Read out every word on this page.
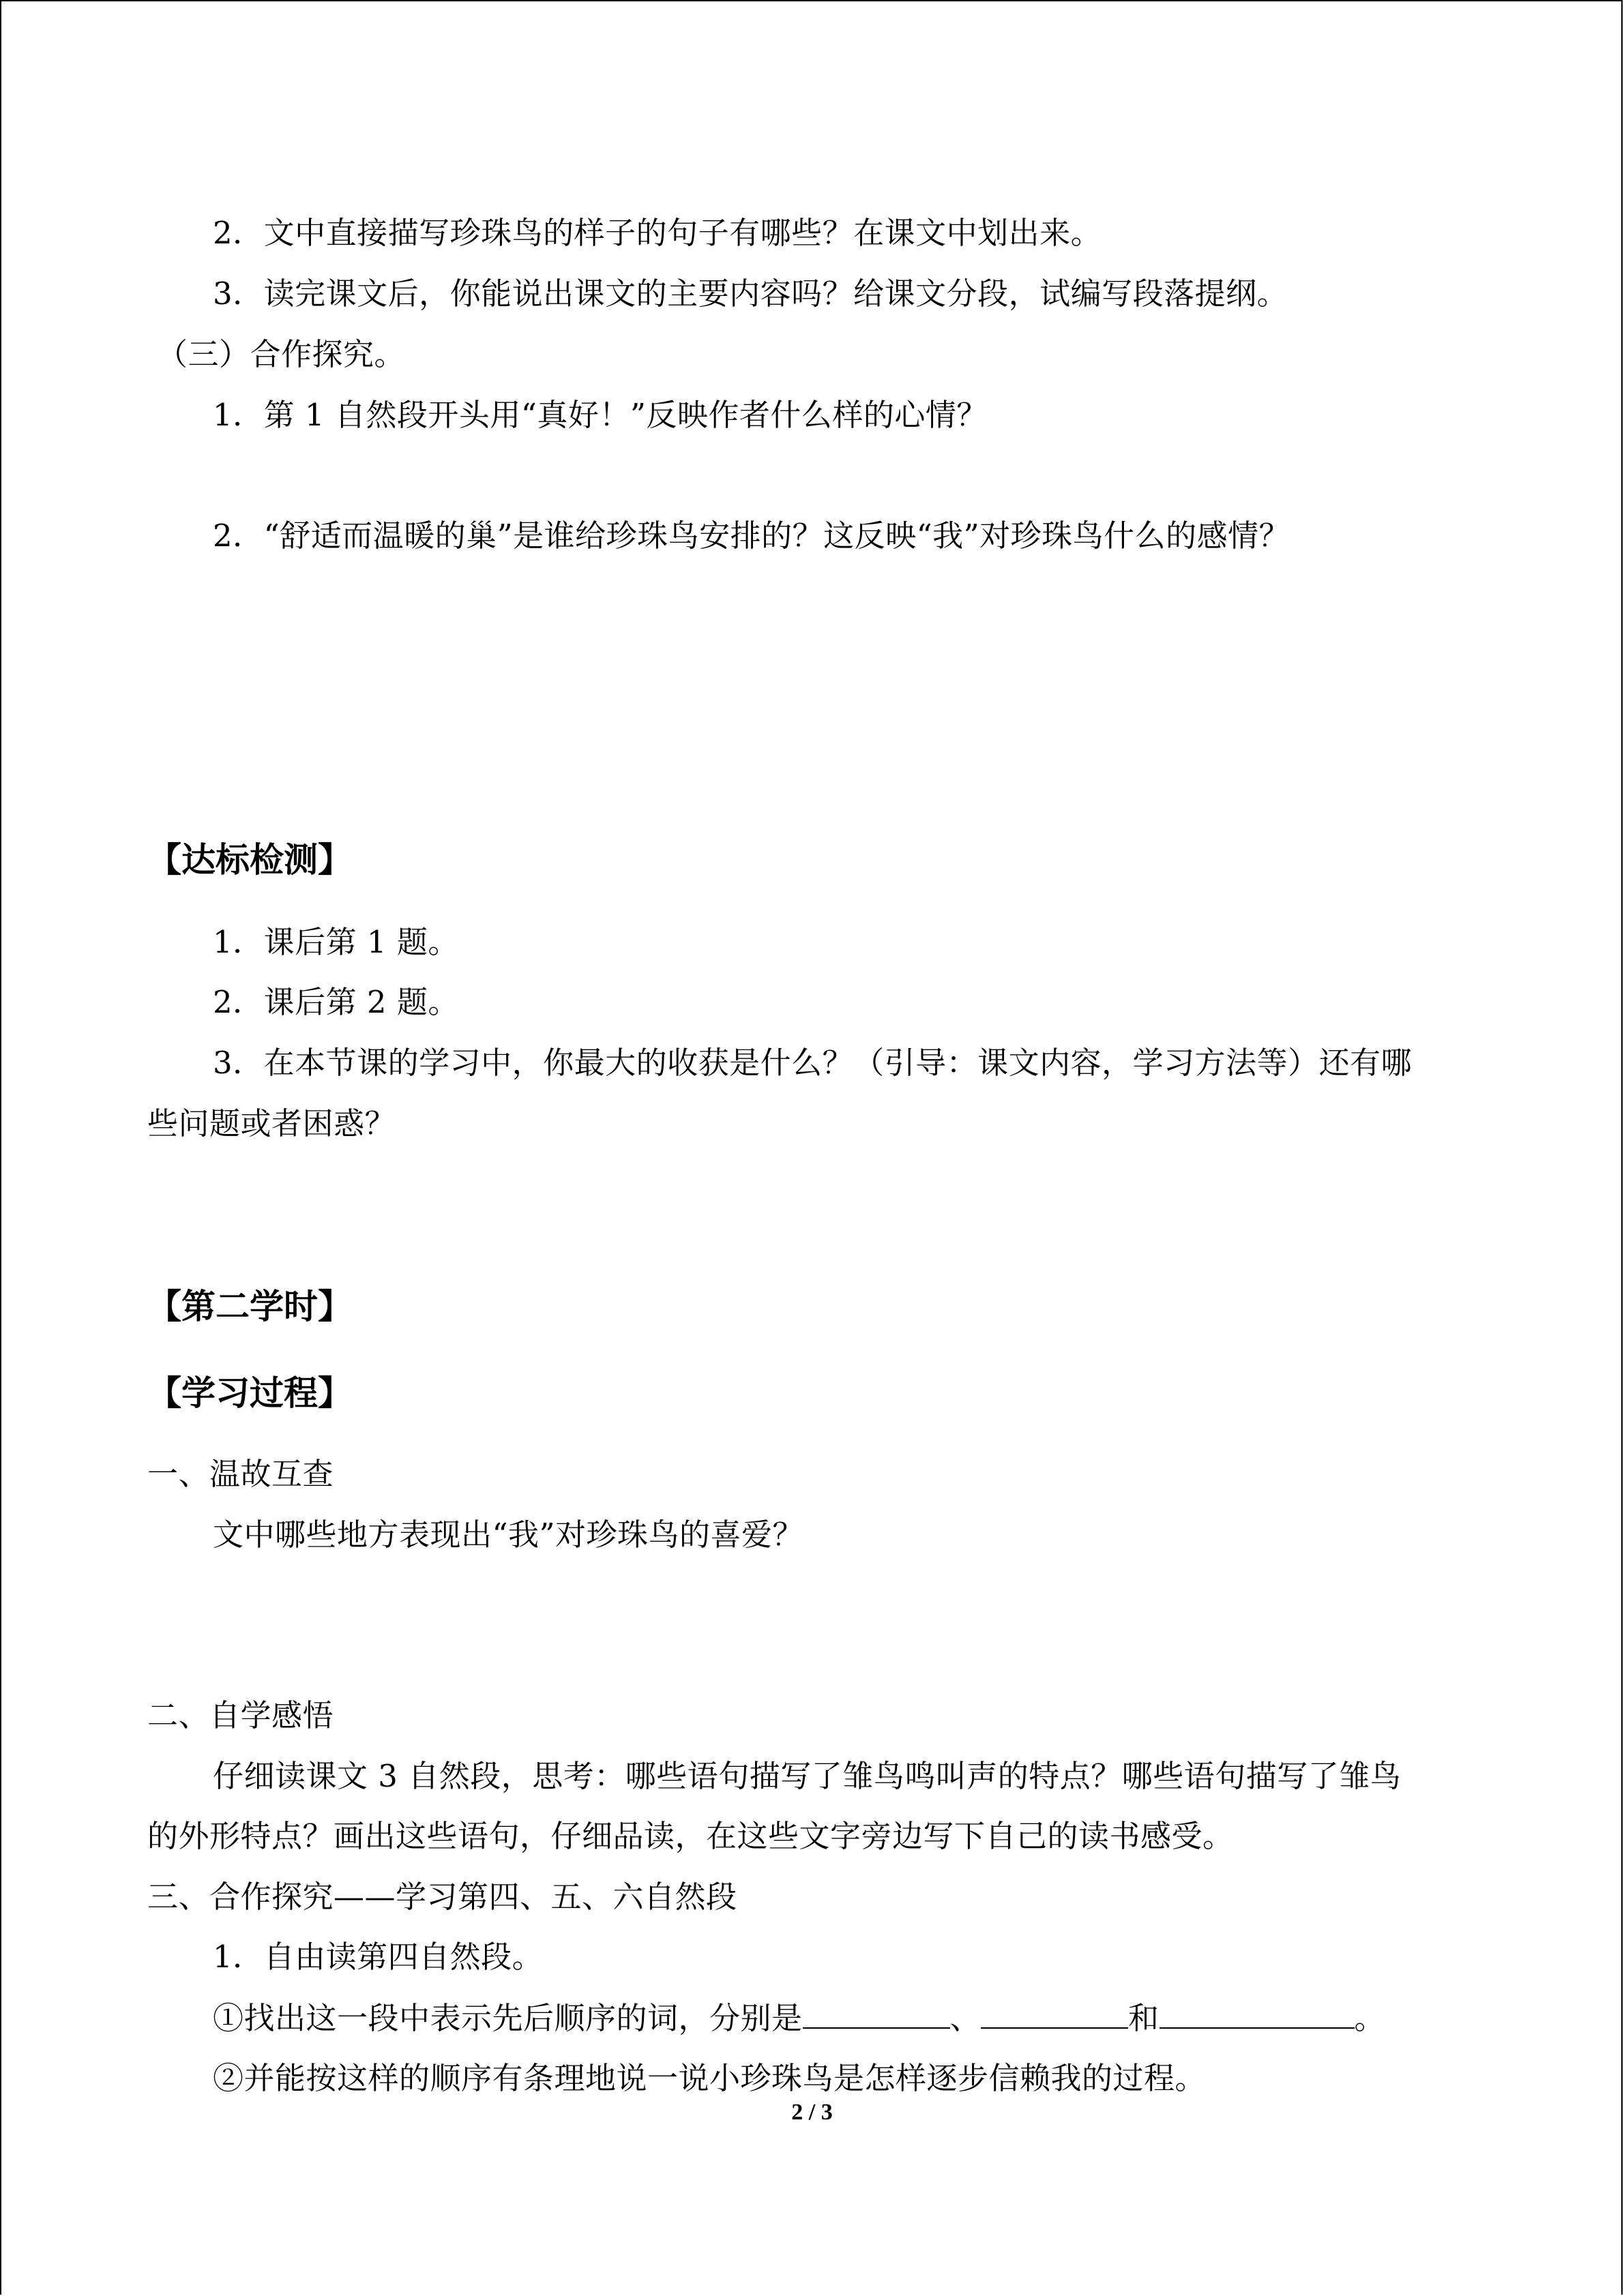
2．文中直接描写珍珠鸟的样子的句子有哪些？在课文中划出来。
3．读完课文后，你能说出课文的主要内容吗？给课文分段，试编写段落提纲。
（三）合作探究。
1．第 1 自然段开头用“真好！”反映作者什么样的心情？
2．“舒适而温暖的巢”是谁给珍珠鸟安排的？这反映“我”对珍珠鸟什么的感情？
【达标检测】
1．课后第 1 题。
2．课后第 2 题。
3．在本节课的学习中，你最大的收获是什么？（引导：课文内容，学习方法等）还有哪
些问题或者困惑？
【第二学时】
【学习过程】
一、温故互查
文中哪些地方表现出“我”对珍珠鸟的喜爱？
二、自学感悟
仔细读课文 3 自然段，思考：哪些语句描写了雏鸟鸣叫声的特点？哪些语句描写了雏鸟
的外形特点？画出这些语句，仔细品读，在这些文字旁边写下自己的读书感受。
三、合作探究——学习第四、五、六自然段
1．自由读第四自然段。
①找出这一段中表示先后顺序的词，分别是	、	和	。
②并能按这样的顺序有条理地说一说小珍珠鸟是怎样逐步信赖我的过程。
2 / 3
